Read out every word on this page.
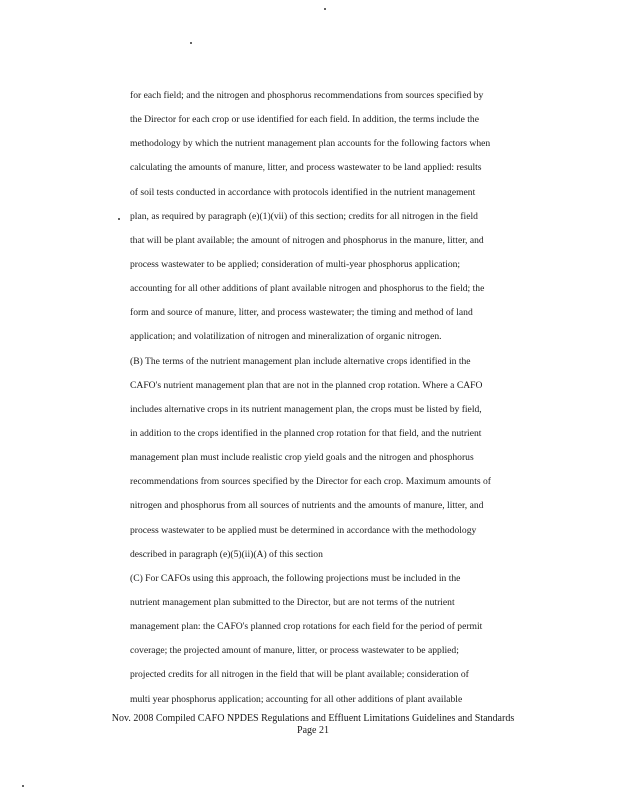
for each field; and the nitrogen and phosphorus recommendations from sources specified by
the Director for each crop or use identified for each field. In addition, the terms include the
methodology by which the nutrient management plan accounts for the following factors when
calculating the amounts of manure, litter, and process wastewater to be land applied: results
of soil tests conducted in accordance with protocols identified in the nutrient management
plan, as required by paragraph (e)(1)(vii) of this section; credits for all nitrogen in the field
that will be plant available; the amount of nitrogen and phosphorus in the manure, litter, and
process wastewater to be applied; consideration of multi-year phosphorus application;
accounting for all other additions of plant available nitrogen and phosphorus to the field; the
form and source of manure, litter, and process wastewater; the timing and method of land
application; and volatilization of nitrogen and mineralization of organic nitrogen.
(B) The terms of the nutrient management plan include alternative crops identified in the
CAFO's nutrient management plan that are not in the planned crop rotation. Where a CAFO
includes alternative crops in its nutrient management plan, the crops must be listed by field,
in addition to the crops identified in the planned crop rotation for that field, and the nutrient
management plan must include realistic crop yield goals and the nitrogen and phosphorus
recommendations from sources specified by the Director for each crop. Maximum amounts of
nitrogen and phosphorus from all sources of nutrients and the amounts of manure, litter, and
process wastewater to be applied must be determined in accordance with the methodology
described in paragraph (e)(5)(ii)(A) of this section
(C) For CAFOs using this approach, the following projections must be included in the
nutrient management plan submitted to the Director, but are not terms of the nutrient
management plan: the CAFO's planned crop rotations for each field for the period of permit
coverage; the projected amount of manure, litter, or process wastewater to be applied;
projected credits for all nitrogen in the field that will be plant available; consideration of
multi year phosphorus application; accounting for all other additions of plant available
Nov. 2008 Compiled CAFO NPDES Regulations and Effluent Limitations Guidelines and Standards
Page 21
